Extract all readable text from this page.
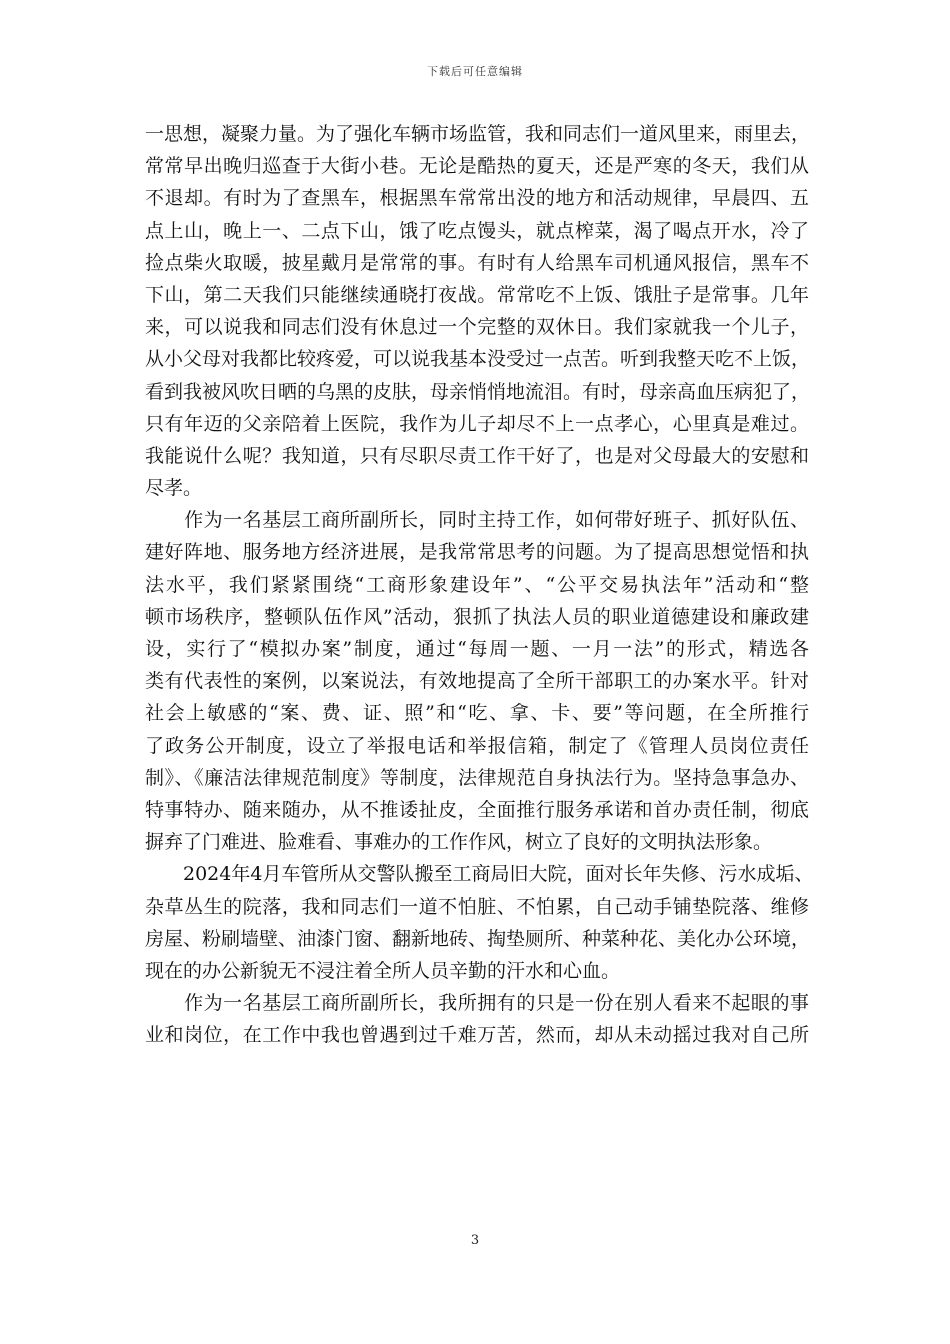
下载后可任意编辑
一思想，凝聚力量。为了强化车辆市场监管，我和同志们一道风里来，雨里去，
常常早出晚归巡查于大街小巷。无论是酷热的夏天，还是严寒的冬天，我们从
不退却。有时为了查黑车，根据黑车常常出没的地方和活动规律，早晨四、五
点上山，晚上一、二点下山，饿了吃点馒头，就点榨菜，渴了喝点开水，冷了
捡点柴火取暖，披星戴月是常常的事。有时有人给黑车司机通风报信，黑车不
下山，第二天我们只能继续通晓打夜战。常常吃不上饭、饿肚子是常事。几年
来，可以说我和同志们没有休息过一个完整的双休日。我们家就我一个儿子，
从小父母对我都比较疼爱，可以说我基本没受过一点苦。听到我整天吃不上饭，
看到我被风吹日晒的乌黑的皮肤，母亲悄悄地流泪。有时，母亲高血压病犯了，
只有年迈的父亲陪着上医院，我作为儿子却尽不上一点孝心，心里真是难过。
我能说什么呢？我知道，只有尽职尽责工作干好了，也是对父母最大的安慰和
尽孝。
　　作为一名基层工商所副所长，同时主持工作，如何带好班子、抓好队伍、
建好阵地、服务地方经济进展，是我常常思考的问题。为了提高思想觉悟和执
法水平，我们紧紧围绕“工商形象建设年”、“公平交易执法年”活动和“整
顿市场秩序，整顿队伍作风”活动，狠抓了执法人员的职业道德建设和廉政建
设，实行了“模拟办案”制度，通过“每周一题、一月一法”的形式，精选各
类有代表性的案例，以案说法，有效地提高了全所干部职工的办案水平。针对
社会上敏感的“案、费、证、照”和“吃、拿、卡、要”等问题，在全所推行
了政务公开制度，设立了举报电话和举报信箱，制定了《管理人员岗位责任
制》、《廉洁法律规范制度》等制度，法律规范自身执法行为。坚持急事急办、
特事特办、随来随办，从不推诿扯皮，全面推行服务承诺和首办责任制，彻底
摒弃了门难进、脸难看、事难办的工作作风，树立了良好的文明执法形象。
　　2024年4月车管所从交警队搬至工商局旧大院，面对长年失修、污水成垢、
杂草丛生的院落，我和同志们一道不怕脏、不怕累，自己动手铺垫院落、维修
房屋、粉刷墙壁、油漆门窗、翻新地砖、掏垫厕所、种菜种花、美化办公环境，
现在的办公新貌无不浸注着全所人员辛勤的汗水和心血。
　　作为一名基层工商所副所长，我所拥有的只是一份在别人看来不起眼的事
业和岗位，在工作中我也曾遇到过千难万苦，然而，却从未动摇过我对自己所
3
